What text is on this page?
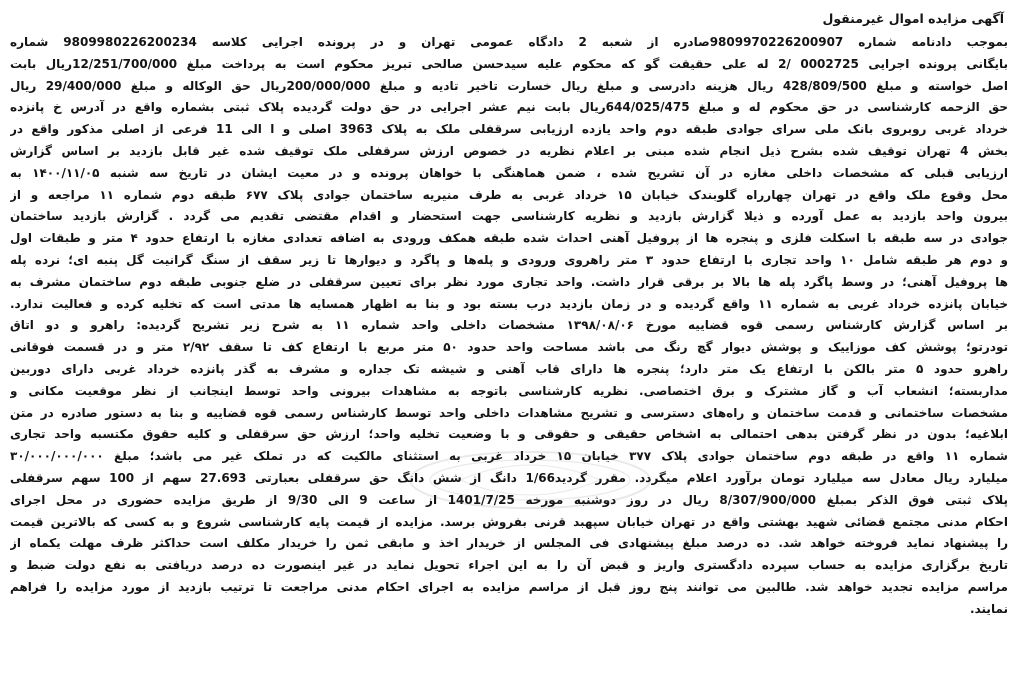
آگهی مزایده اموال غیرمنقول
بموجب دادنامه شماره 9809970226200907صادره از شعبه 2 دادگاه عمومی تهران و در پرونده اجرایی کلاسه 9809980226200234 شماره
بایگانی پرونده اجرایی 0002725 /2 له علی حقیقت گو که محکوم علیه سیدحسن صالحی تبریز محکوم است به پرداخت مبلغ 12/251/700/000ریال بابت
اصل خواسته و مبلغ 428/809/500 ریال هزینه دادرسی و مبلغ ریال خسارت تاخیر تادیه و مبلغ 200/000/000ریال حق الوکاله و مبلغ 29/400/000 ریال
حق الزحمه کارشناسی در حق محکوم له و مبلغ 644/025/475ریال بابت نیم عشر اجرایی در حق دولت گردیده پلاک ثبتی بشماره واقع در آدرس خ پانزده
خرداد غربی روبروی بانک ملی سرای جوادی طبقه دوم واحد یازده ارزیابی سرقفلی ملک به پلاک 3963 اصلی و ا الی 11 فرعی از اصلی مذکور واقع در
بخش 4 تهران توقیف شده بشرح ذیل انجام شده مبنی بر اعلام نظریه در خصوص ارزش سرقفلی ملک توقیف شده غیر قابل بازدید بر اساس گزارش
ارزیابی قبلی که مشخصات داخلی مغازه در آن تشریح شده ، ضمن هماهنگی با خواهان پرونده و در معیت ایشان در تاریخ سه شنبه ۱۴۰۰/۱۱/۰۵ به
محل وقوع ملک واقع در تهران چهارراه گلوبندک خیابان ۱۵ خرداد غربی به طرف منیریه ساختمان جوادی پلاک ۶۷۷ طبقه دوم شماره ۱۱ مراجعه و از
بیرون واحد بازدید به عمل آورده و ذیلا گزارش بازدید و نظریه کارشناسی جهت استحضار و اقدام مقتضی تقدیم می گردد . گزارش بازدید ساختمان
جوادی در سه طبقه با اسکلت فلزی و پنجره ها از پروفیل آهنی احداث شده طبقه همکف ورودی به اضافه تعدادی مغازه با ارتفاع حدود ۴ متر و طبقات اول
و دوم هر طبقه شامل ۱۰ واحد تجاری با ارتفاع حدود ۳ متر راهروی ورودی و پله‌ها و پاگرد و دیوارها تا زیر سقف از سنگ گرانیت گل پنبه ای؛ نرده پله
ها پروفیل آهنی؛ در وسط پاگرد پله ها بالا بر برقی قرار داشت. واحد تجاری مورد نظر برای تعیین سرقفلی در ضلع جنوبی طبقه دوم ساختمان مشرف به
خیابان پانزده خرداد غربی به شماره ۱۱ واقع گردیده و در زمان بازدید درب بسته بود و بنا به اظهار همسایه ها مدتی است که تخلیه کرده و فعالیت ندارد.
بر اساس گزارش کارشناس رسمی قوه قضاییه مورخ ۱۳۹۸/۰۸/۰۶ مشخصات داخلی واحد شماره ۱۱ به شرح زیر تشریح گردیده: راهرو و دو اتاق
تودرتو؛ پوشش کف موزاییک و پوشش دیوار گچ رنگ می باشد مساحت واحد حدود ۵۰ متر مربع با ارتفاع کف تا سقف ۲/۹۲ متر و در قسمت فوقانی
راهرو حدود ۵ متر بالکن با ارتفاع یک متر دارد؛ پنجره ها دارای قاب آهنی و شیشه تک جداره و مشرف به گذر پانزده خرداد غربی دارای دوربین
مداربسته؛ انشعاب آب و گاز مشترک و برق اختصاصی. نظریه کارشناسی باتوجه به مشاهدات بیرونی واحد توسط اینجانب از نظر موقعیت مکانی و
مشخصات ساختمانی و قدمت ساختمان و راه‌های دسترسی و تشریح مشاهدات داخلی واحد توسط کارشناس رسمی قوه قضاییه و بنا به دستور صادره در متن
ابلاغیه؛ بدون در نظر گرفتن بدهی احتمالی به اشخاص حقیقی و حقوقی و با وضعیت تخلیه واحد؛ ارزش حق سرقفلی و کلیه حقوق مکتسبه واحد تجاری
شماره ۱۱ واقع در طبقه دوم ساختمان جوادی پلاک ۳۷۷ خیابان ۱۵ خرداد غربی به استثنای مالکیت که در تملک غیر می باشد؛ مبلغ ۳۰/۰۰۰/۰۰۰/۰۰۰
میلیارد ریال معادل سه میلیارد تومان برآورد اعلام میگردد. مقرر گردید1/66 دانگ از شش دانگ حق سرقفلی بعبارتی 27.693 سهم از 100 سهم سرقفلی
پلاک ثبتی فوق الذکر بمبلغ 8/307/900/000 ریال در روز دوشنبه مورخه 1401/7/25 از ساعت 9 الی 9/30 از طریق مزایده حضوری در محل اجرای
احکام مدنی مجتمع قضائی شهید بهشتی واقع در تهران خیابان سپهبد قرنی بفروش برسد. مزایده از قیمت پایه کارشناسی شروع و به کسی که بالاترین قیمت
را پیشنهاد نماید فروخته خواهد شد. ده درصد مبلغ پیشنهادی فی المجلس از خریدار اخذ و مابقی ثمن را خریدار مکلف است حداکثر ظرف مهلت یکماه از
تاریخ برگزاری مزایده به حساب سپرده دادگستری واریز و قبض آن را به این اجراء تحویل نماید در غیر اینصورت ده درصد دریافتی به نفع دولت ضبط و
مراسم مزایده تجدید خواهد شد. طالبین می توانند پنج روز قبل از مراسم مزایده به اجرای احکام مدنی مراجعت تا ترتیب بازدید از مورد مزایده را فراهم
نمایند.
